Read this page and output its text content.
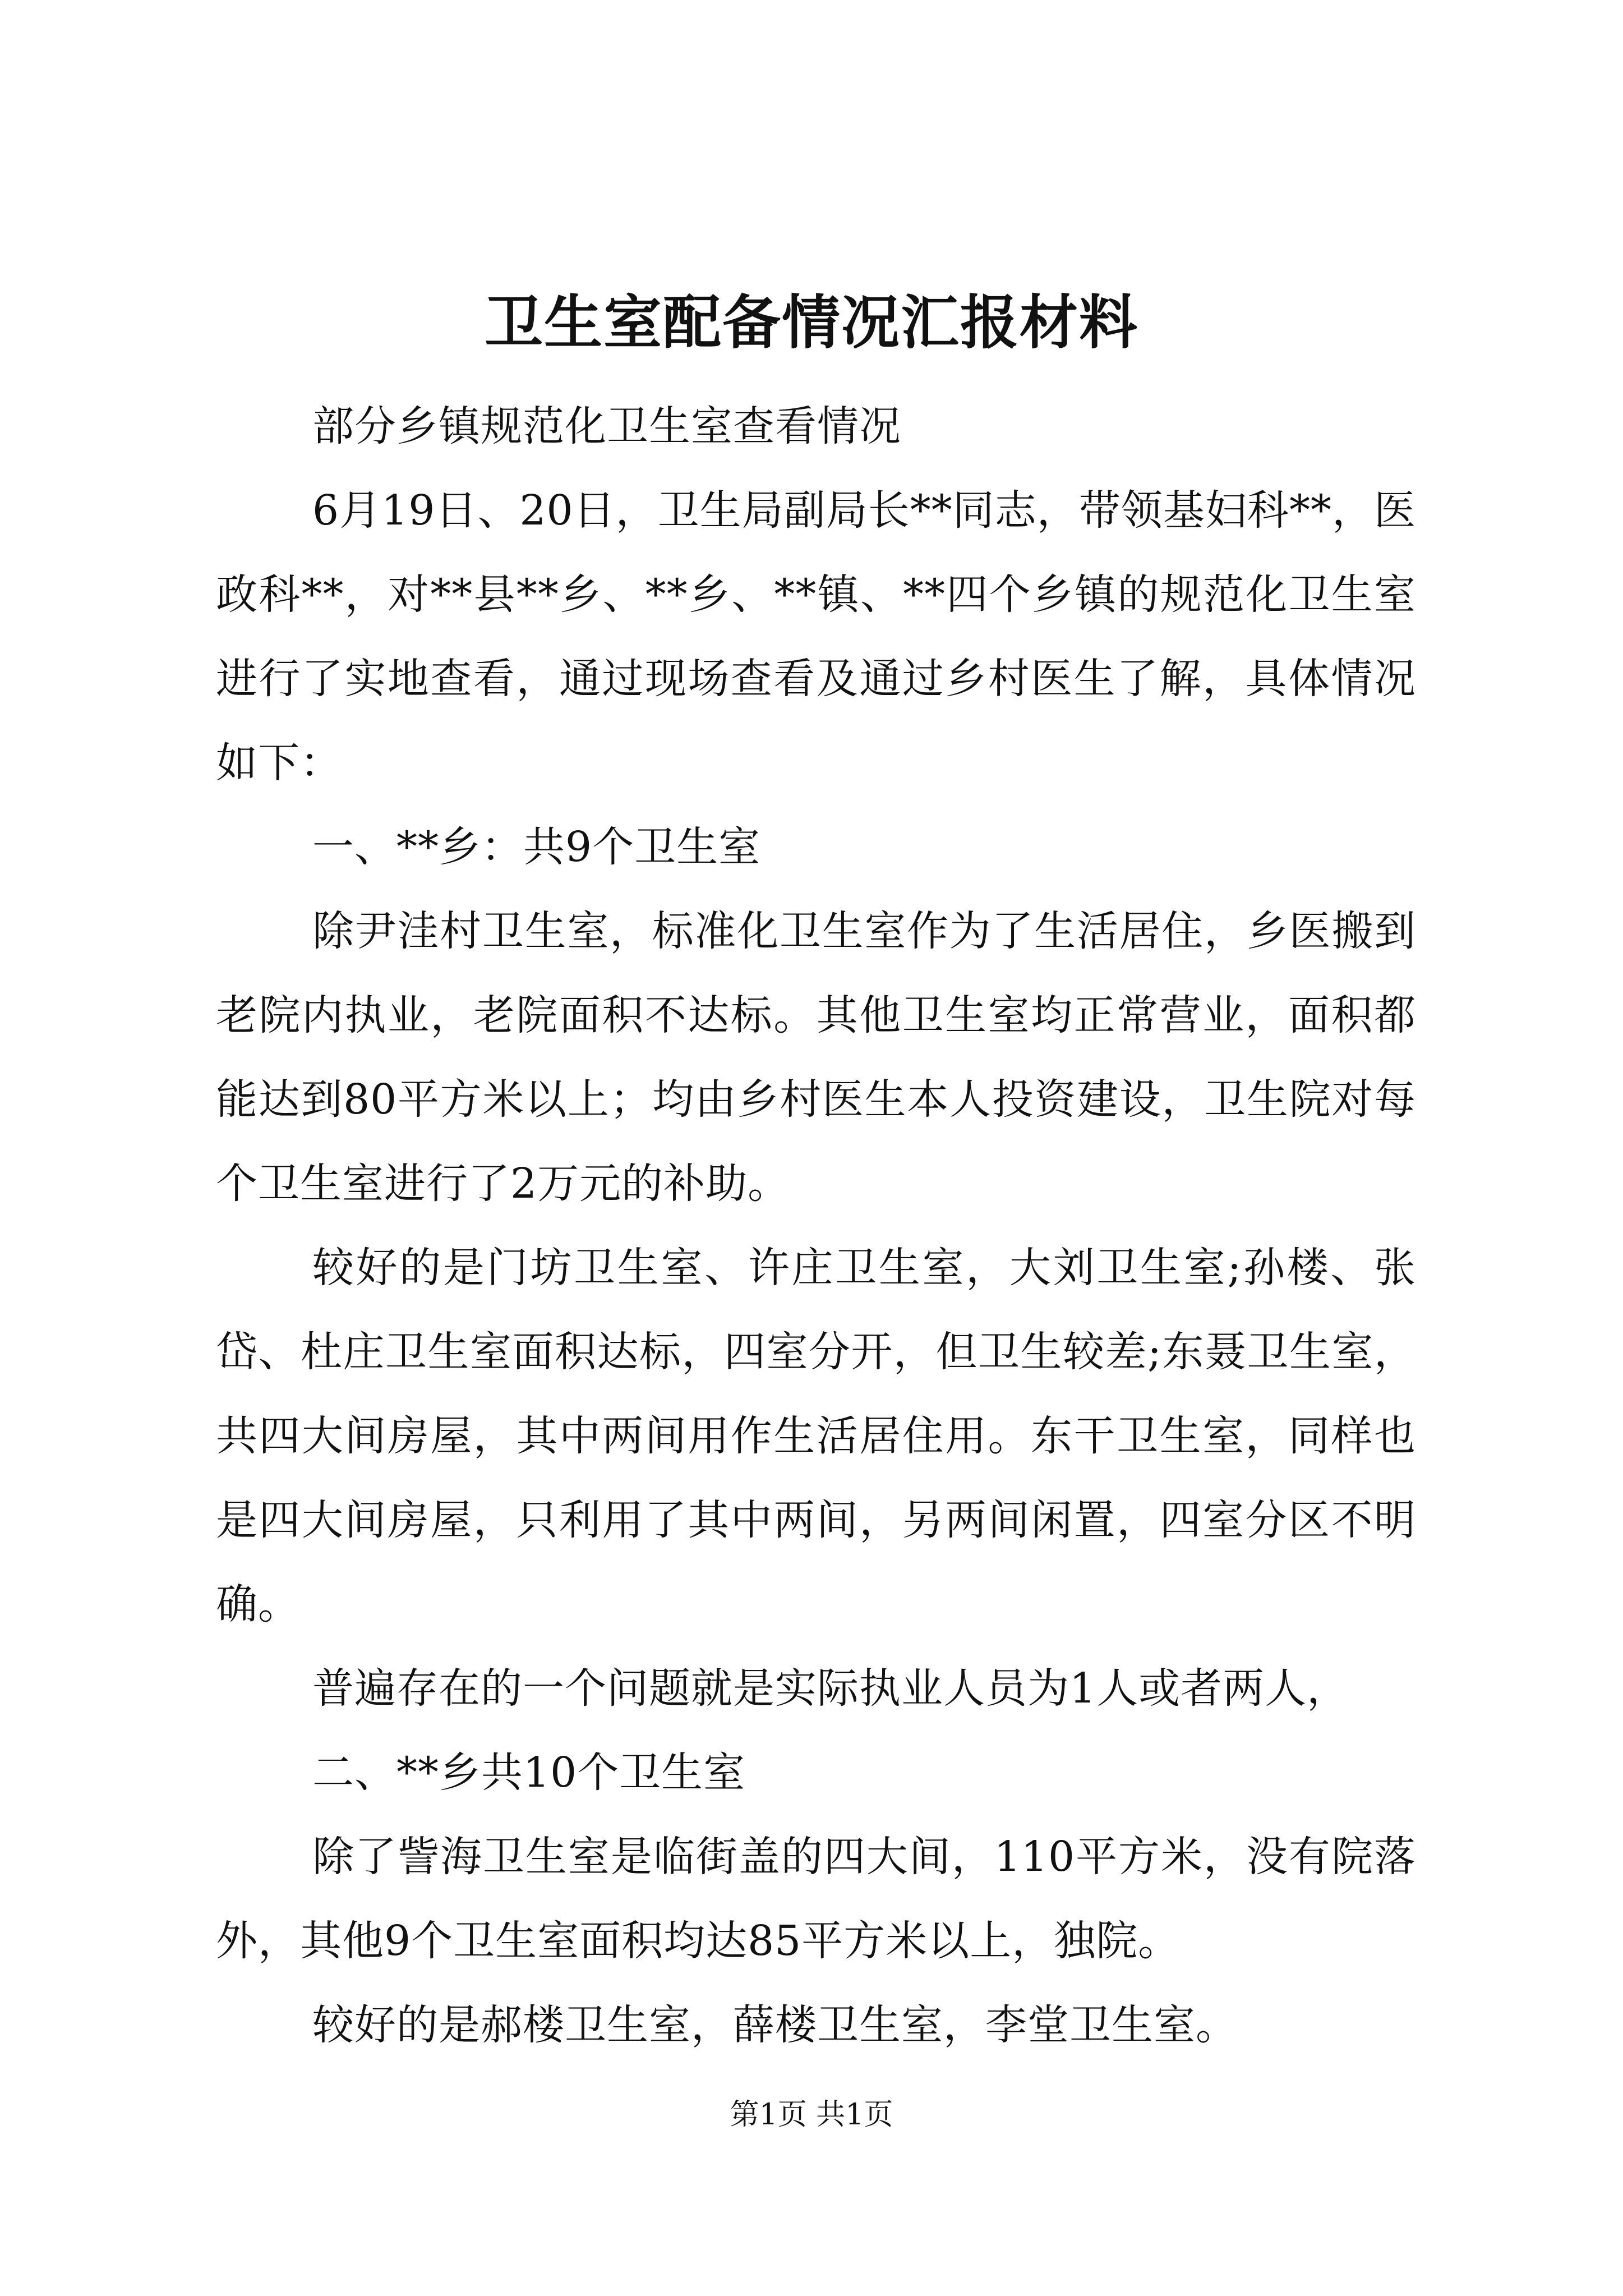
卫生室配备情况汇报材料

部分乡镇规范化卫生室查看情况

6月19日、20日，卫生局副局长**同志，带领基妇科**，医政科**，对**县**乡、**乡、**镇、**四个乡镇的规范化卫生室进行了实地查看，通过现场查看及通过乡村医生了解，具体情况如下：

一、**乡：共9个卫生室

除尹洼村卫生室，标准化卫生室作为了生活居住，乡医搬到老院内执业，老院面积不达标。其他卫生室均正常营业，面积都能达到80平方米以上；均由乡村医生本人投资建设，卫生院对每个卫生室进行了2万元的补助。

较好的是门坊卫生室、许庄卫生室，大刘卫生室;孙楼、张岱、杜庄卫生室面积达标，四室分开，但卫生较差;东聂卫生室，共四大间房屋，其中两间用作生活居住用。东干卫生室，同样也是四大间房屋，只利用了其中两间，另两间闲置，四室分区不明确。

普遍存在的一个问题就是实际执业人员为1人或者两人，

二、**乡共10个卫生室

除了訾海卫生室是临街盖的四大间，110平方米，没有院落外，其他9个卫生室面积均达85平方米以上，独院。

较好的是郝楼卫生室，薛楼卫生室，李堂卫生室。

第1页 共1页
